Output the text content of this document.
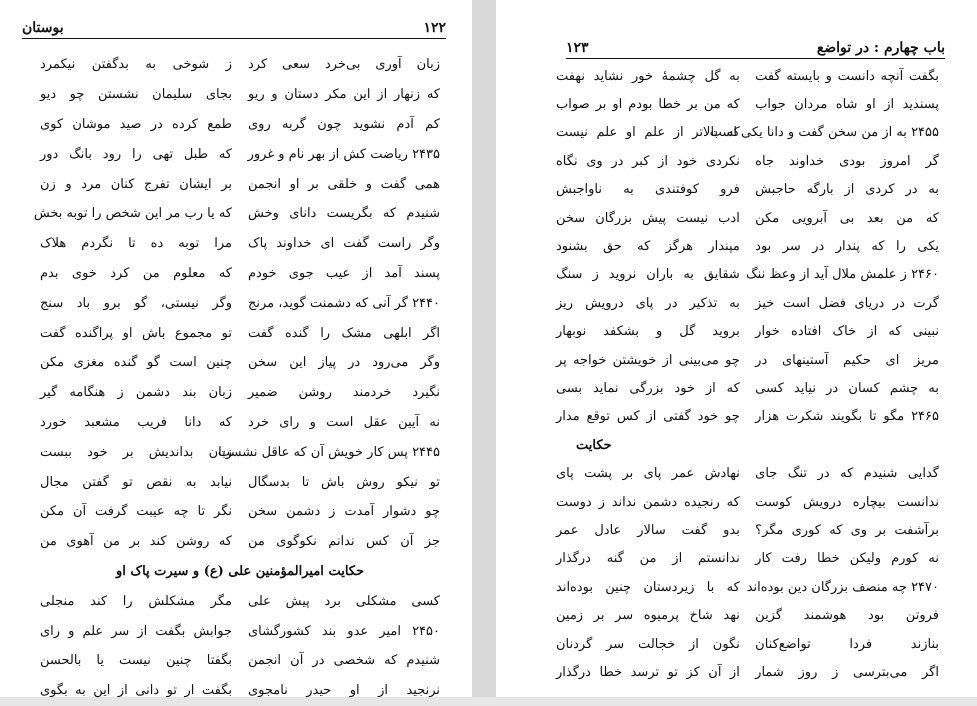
بوستان	۱۲۲
زبان آوری بی‌خرد سعی کرد
ز شوخی به بدگفتن نیکمرد
که زنهار از این مکر دستان و ریو
بجای سلیمان نشستن چو دیو
کم آدم نشوید چون گربه روی
طمع کرده در صید موشان کوی
۲۴۳۵ ریاضت کش از بهر نام و غرور
که طبل تهی را رود بانگ دور
همی گفت و خلقی بر او انجمن
بر ایشان تفرج کنان مرد و زن
شنیدم که بگریست دانای وخش
که یا رب مر این شخص را توبه بخش
وگر راست گفت ای خداوند پاک
مرا توبه ده تا نگردم هلاک
پسند آمد از عیب جوی خودم
که معلوم من کرد خوی بدم
۲۴۴۰ گر آنی که دشمنت گوید، مرنج
وگر نیستی، گو برو باد سنج
اگر ابلهی مشک را گنده گفت
تو مجموع باش او پراگنده گفت
وگر می‌رود در پیاز این سخن
چنین است گو گنده مغزی مکن
نگیرد خردمند روشن ضمیر
زبان بند دشمن ز هنگامه گیر
نه آیین عقل است و رای خرد
که دانا فریب مشعبد خورد
۲۴۴۵ پس کار خویش آن که عاقل نشست
زبان بداندیش بر خود ببست
تو نیکو روش باش تا بدسگال
نیابد به نقص تو گفتن مجال
چو دشوار آمدت ز دشمن سخن
نگر تا چه عیبت گرفت آن مکن
جز آن کس ندانم نکوگوی من
که روشن کند بر من آهوی من
حکایت امیرالمؤمنین علی (ع) و سیرت پاک او
کسی مشکلی برد پیش علی
مگر مشکلش را کند منجلی
۲۴۵۰ امیر عدو بند کشورگشای
جوابش بگفت از سر علم و رای
شنیدم که شخصی در آن انجمن
بگفتا چنین نیست یا بالحسن
نرنجید از او حیدر نامجوی
بگفت ار تو دانی از این به بگوی
۱۲۳	باب چهارم : در تواضع
بگفت آنچه دانست و بایسته گفت
به گل چشمهٔ خور نشاید نهفت
پسندید از او شاه مردان جواب
که من بر خطا بودم او بر صواب
۲۴۵۵ به از من سخن گفت و دانا یکی است
که بالاتر از علم او علم نیست
گر امروز بودی خداوند جاه
نکردی خود از کبر در وی نگاه
به در کردی از بارگه حاجبش
فرو کوفتندی به ناواجبش
که من بعد بی آبرویی مکن
ادب نیست پیش بزرگان سخن
یکی را که پندار در سر بود
مپندار هرگز که حق بشنود
۲۴۶۰ ز علمش ملال آید از وعظ ننگ
شقایق به باران نروید ز سنگ
گرت در دریای فضل است خیز
به تذکیر در پای درویش ریز
نبینی که از خاک افتاده خوار
بروید گل و بشکفد نوبهار
مریز ای حکیم آستینهای در
چو می‌بینی از خویشتن خواجه پر
به چشم کسان در نیاید کسی
که از خود بزرگی نماید بسی
۲۴۶۵ مگو تا بگویند شکرت هزار
چو خود گفتی از کس توقع مدار
حکایت
گدایی شنیدم که در تنگ جای
نهادش عمر پای بر پشت پای
ندانست بیچاره درویش کوست
که رنجیده دشمن نداند ز دوست
برآشفت بر وی که کوری مگر؟
بدو گفت سالار عادل عمر
نه کورم ولیکن خطا رفت کار
ندانستم از من گنه درگذار
۲۴۷۰ چه منصف بزرگان دین بوده‌اند
که با زیردستان چنین بوده‌اند
فروتن بود هوشمند گزین
نهد شاخ پرمیوه سر بر زمین
بنازند فردا تواضع‌کنان
نگون از خجالت سر گردنان
اگر می‌بترسی ز روز شمار
از آن کز تو ترسد خطا درگذار
